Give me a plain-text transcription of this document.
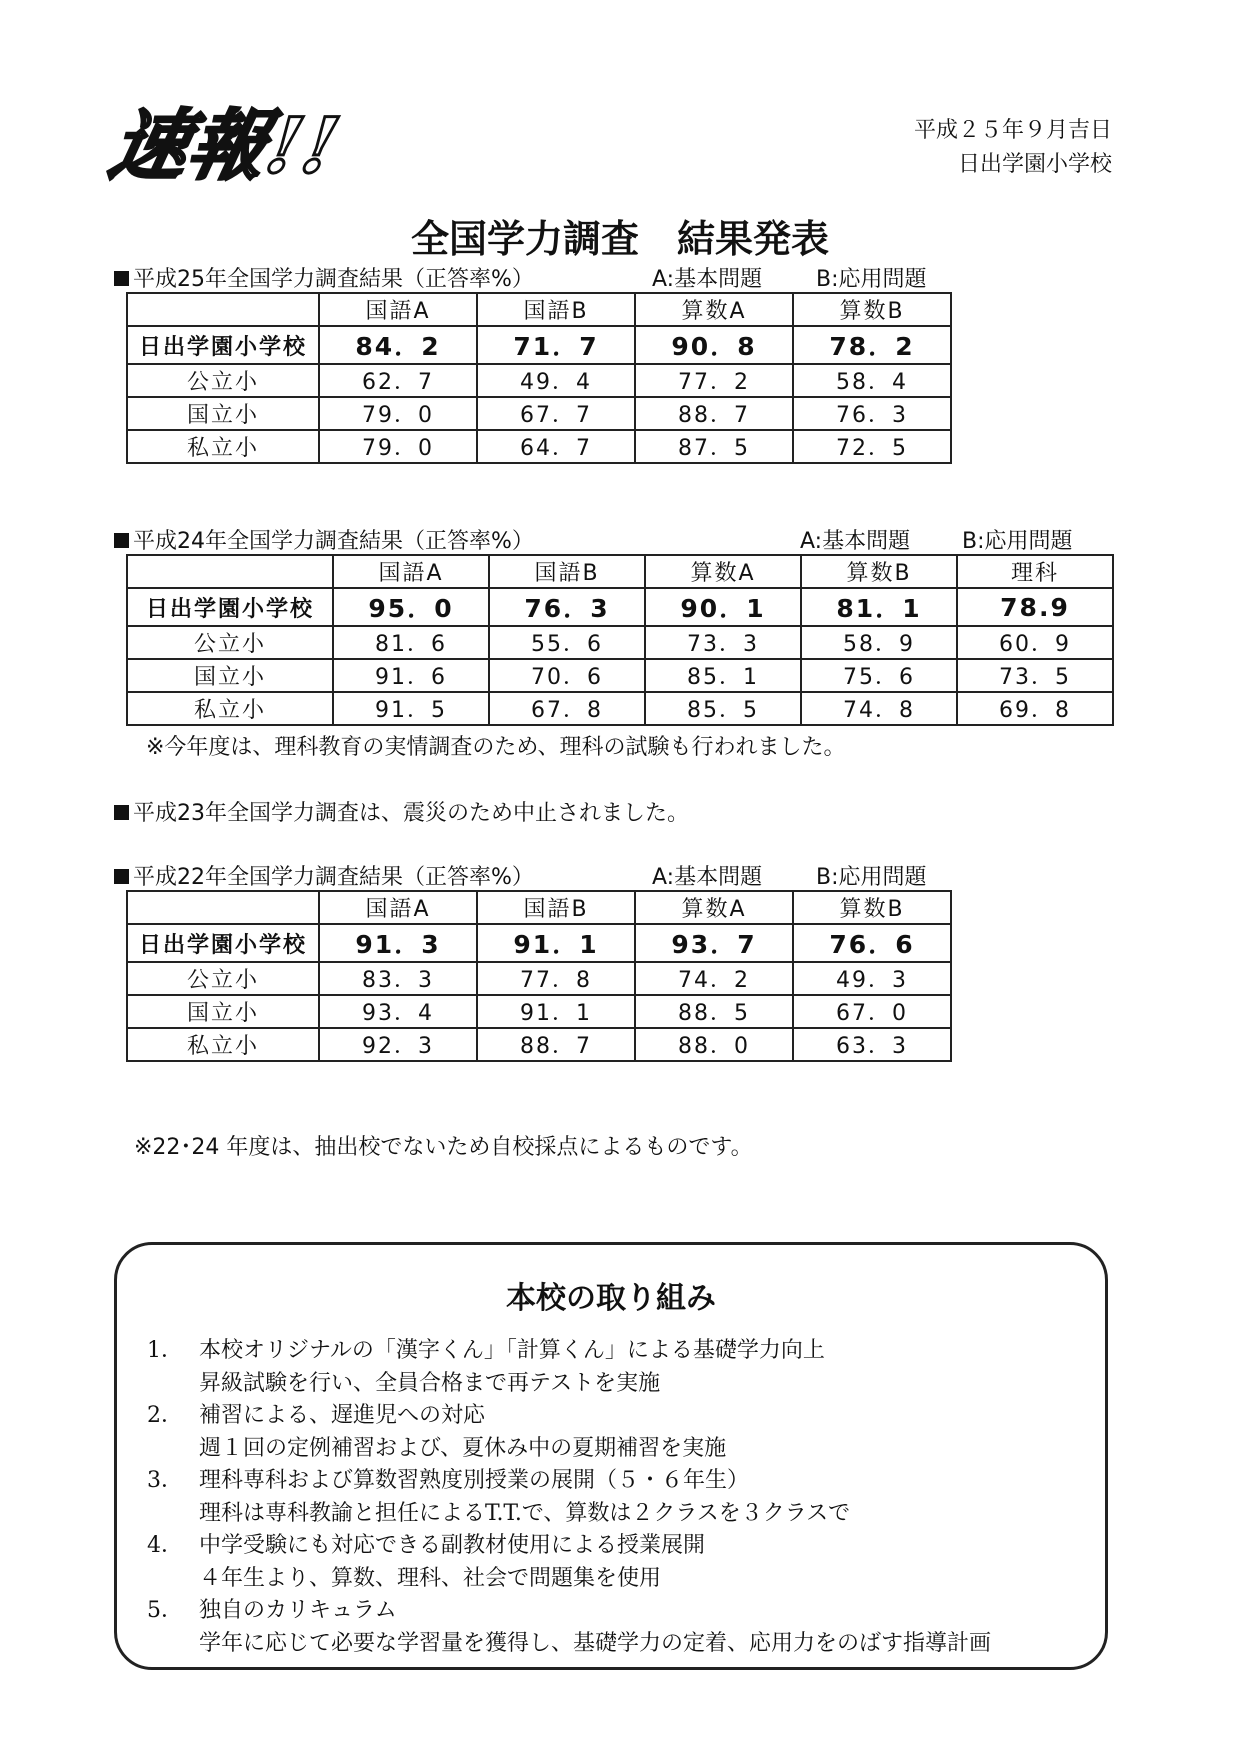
速報!!	平成２５年９月吉日
日出学園小学校
全国学力調査　結果発表
平成25年全国学力調査結果（正答率%）	A:基本問題 B:応用問題
	国語A	国語B	算数A	算数B
日出学園小学校	84．2	71．7	90．8	78．2
公立小	62．7	49．4	77．2	58．4
国立小	79．0	67．7	88．7	76．3
私立小	79．0	64．7	87．5	72．5
平成24年全国学力調査結果（正答率%）	A:基本問題 B:応用問題
	国語A	国語B	算数A	算数B	理科
日出学園小学校	95．0	76．3	90．1	81．1	78.9
公立小	81．6	55．6	73．3	58．9	60．9
国立小	91．6	70．6	85．1	75．6	73．5
私立小	91．5	67．8	85．5	74．8	69．8
※今年度は、理科教育の実情調査のため、理科の試験も行われました。
平成23年全国学力調査は、震災のため中止されました。
平成22年全国学力調査結果（正答率%）	A:基本問題 B:応用問題
	国語A	国語B	算数A	算数B
日出学園小学校	91．3	91．1	93．7	76．6
公立小	83．3	77．8	74．2	49．3
国立小	93．4	91．1	88．5	67．0
私立小	92．3	88．7	88．0	63．3
※22･24 年度は、抽出校でないため自校採点によるものです。
本校の取り組み
1． 本校オリジナルの「漢字くん」「計算くん」による基礎学力向上
昇級試験を行い、全員合格まで再テストを実施
2． 補習による、遅進児への対応
週１回の定例補習および、夏休み中の夏期補習を実施
3． 理科専科および算数習熟度別授業の展開（５・６年生）
理科は専科教諭と担任によるT.T.で、算数は２クラスを３クラスで
4． 中学受験にも対応できる副教材使用による授業展開
４年生より、算数、理科、社会で問題集を使用
5． 独自のカリキュラム
学年に応じて必要な学習量を獲得し、基礎学力の定着、応用力をのばす指導計画
